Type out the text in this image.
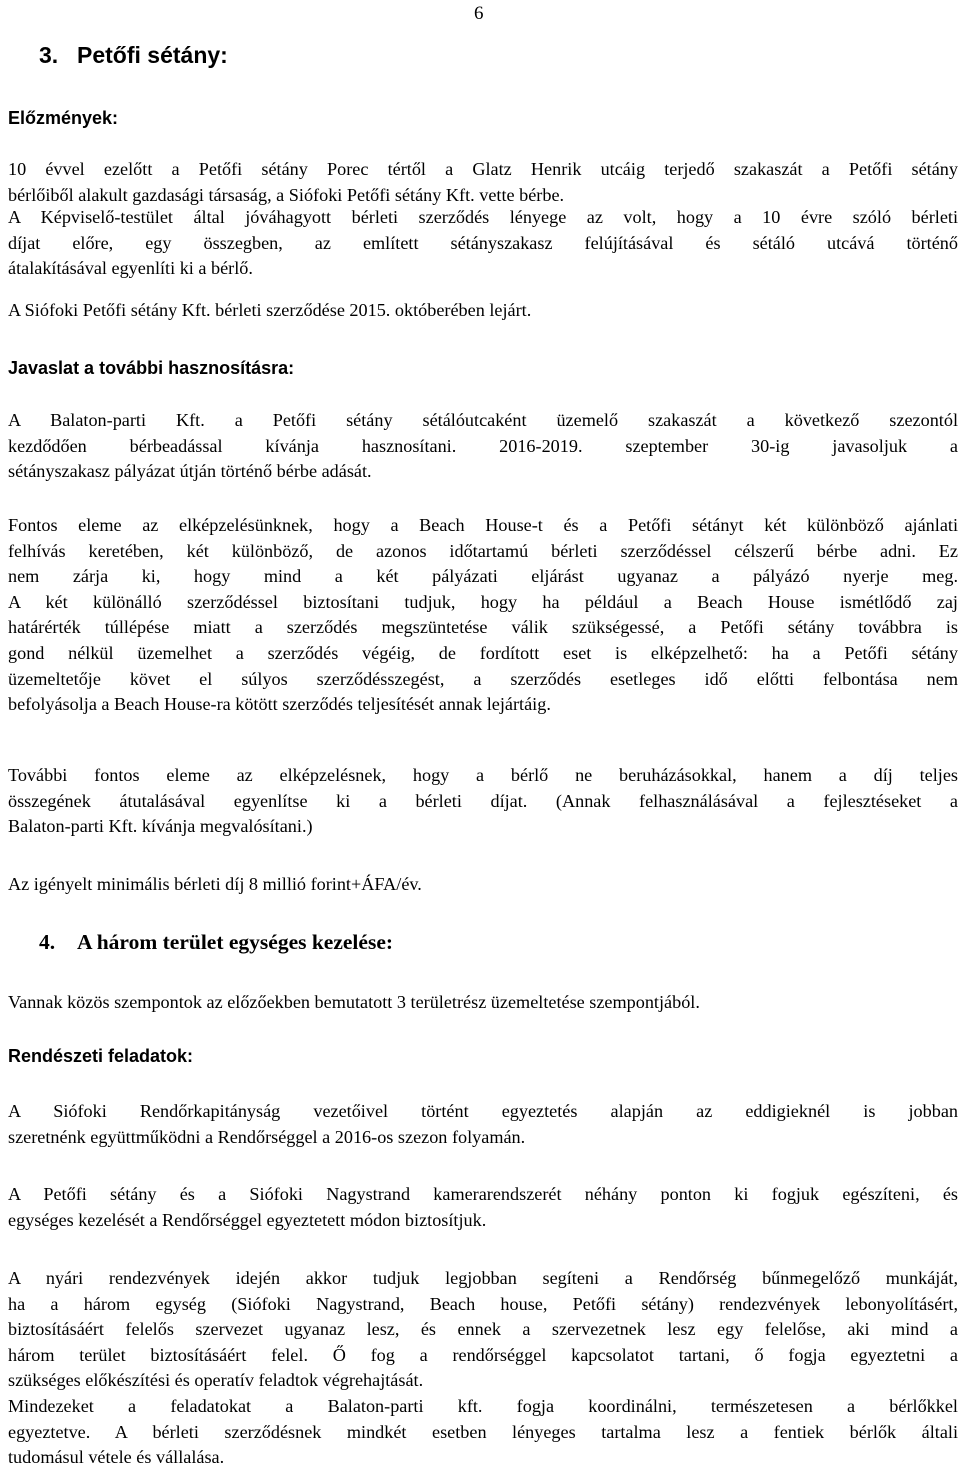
6
3. Petőfi sétány:
Előzmények:
10 évvel ezelőtt a Petőfi sétány Porec tértől a Glatz Henrik utcáig terjedő szakaszát a Petőfi sétány
bérlőiből alakult gazdasági társaság, a Siófoki Petőfi sétány Kft. vette bérbe.
A Képviselő-testület által jóváhagyott bérleti szerződés lényege az volt, hogy a 10 évre szóló bérleti
díjat előre, egy összegben, az említett sétányszakasz felújításával és sétáló utcává történő
átalakításával egyenlíti ki a bérlő.
A Siófoki Petőfi sétány Kft. bérleti szerződése 2015. októberében lejárt.
Javaslat a további hasznosításra:
A Balaton-parti Kft. a Petőfi sétány sétálóutcaként üzemelő szakaszát a következő szezontól
kezdődően bérbeadással kívánja hasznosítani. 2016-2019. szeptember 30-ig javasoljuk a
sétányszakasz pályázat útján történő bérbe adását.
Fontos eleme az elképzelésünknek, hogy a Beach House-t és a Petőfi sétányt két különböző ajánlati
felhívás keretében, két különböző, de azonos időtartamú bérleti szerződéssel célszerű bérbe adni. Ez
nem zárja ki, hogy mind a két pályázati eljárást ugyanaz a pályázó nyerje meg.
A két különálló szerződéssel biztosítani tudjuk, hogy ha például a Beach House ismétlődő zaj
határérték túllépése miatt a szerződés megszüntetése válik szükségessé, a Petőfi sétány továbbra is
gond nélkül üzemelhet a szerződés végéig, de fordított eset is elképzelhető: ha a Petőfi sétány
üzemeltetője követ el súlyos szerződésszegést, a szerződés esetleges idő előtti felbontása nem
befolyásolja a Beach House-ra kötött szerződés teljesítését annak lejártáig.
További fontos eleme az elképzelésnek, hogy a bérlő ne beruházásokkal, hanem a díj teljes
összegének átutalásával egyenlítse ki a bérleti díjat. (Annak felhasználásával a fejlesztéseket a
Balaton-parti Kft. kívánja megvalósítani.)
Az igényelt minimális bérleti díj 8 millió forint+ÁFA/év.
4. A három terület egységes kezelése:
Vannak közös szempontok az előzőekben bemutatott 3 területrész üzemeltetése szempontjából.
Rendészeti feladatok:
A Siófoki Rendőrkapitányság vezetőivel történt egyeztetés alapján az eddigieknél is jobban
szeretnénk együttműködni a Rendőrséggel a 2016-os szezon folyamán.
A Petőfi sétány és a Siófoki Nagystrand kamerarendszerét néhány ponton ki fogjuk egészíteni, és
egységes kezelését a Rendőrséggel egyeztetett módon biztosítjuk.
A nyári rendezvények idején akkor tudjuk legjobban segíteni a Rendőrség bűnmegelőző munkáját,
ha a három egység (Siófoki Nagystrand, Beach house, Petőfi sétány) rendezvények lebonyolításért,
biztosításáért felelős szervezet ugyanaz lesz, és ennek a szervezetnek lesz egy felelőse, aki mind a
három terület biztosításáért felel. Ő fog a rendőrséggel kapcsolatot tartani, ő fogja egyeztetni a
szükséges előkészítési és operatív feladtok végrehajtását.
Mindezeket a feladatokat a Balaton-parti kft. fogja koordinálni, természetesen a bérlőkkel
egyeztetve. A bérleti szerződésnek mindkét esetben lényeges tartalma lesz a fentiek bérlők általi
tudomásul vétele és vállalása.
